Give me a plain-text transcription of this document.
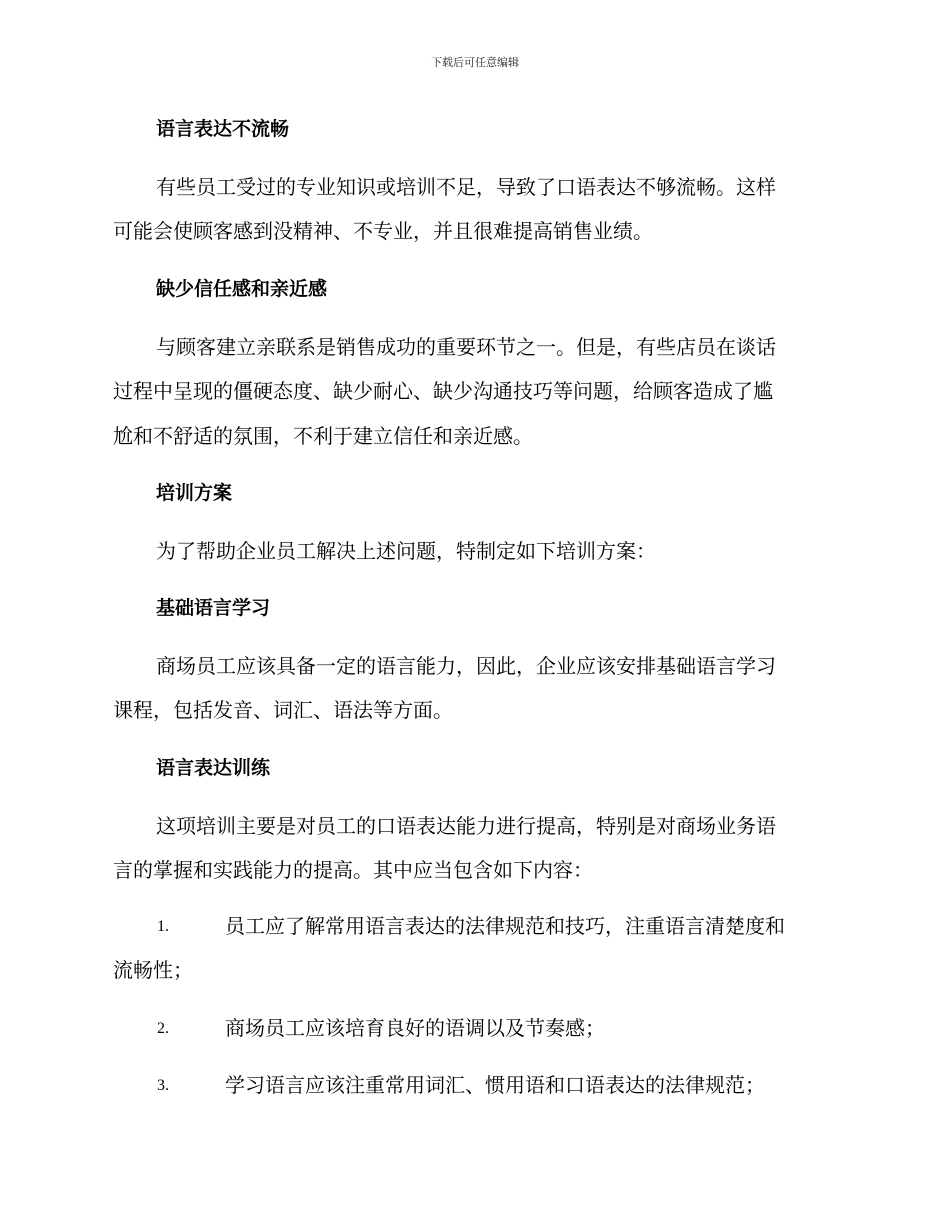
下载后可任意编辑
语言表达不流畅
有些员工受过的专业知识或培训不足，导致了口语表达不够流畅。这样
可能会使顾客感到没精神、不专业，并且很难提高销售业绩。
缺少信任感和亲近感
与顾客建立亲联系是销售成功的重要环节之一。但是，有些店员在谈话
过程中呈现的僵硬态度、缺少耐心、缺少沟通技巧等问题，给顾客造成了尴
尬和不舒适的氛围，不利于建立信任和亲近感。
培训方案
为了帮助企业员工解决上述问题，特制定如下培训方案：
基础语言学习
商场员工应该具备一定的语言能力，因此，企业应该安排基础语言学习
课程，包括发音、词汇、语法等方面。
语言表达训练
这项培训主要是对员工的口语表达能力进行提高，特别是对商场业务语
言的掌握和实践能力的提高。其中应当包含如下内容：
1.	员工应了解常用语言表达的法律规范和技巧，注重语言清楚度和
流畅性；
2.	商场员工应该培育良好的语调以及节奏感；
3.	学习语言应该注重常用词汇、惯用语和口语表达的法律规范；
